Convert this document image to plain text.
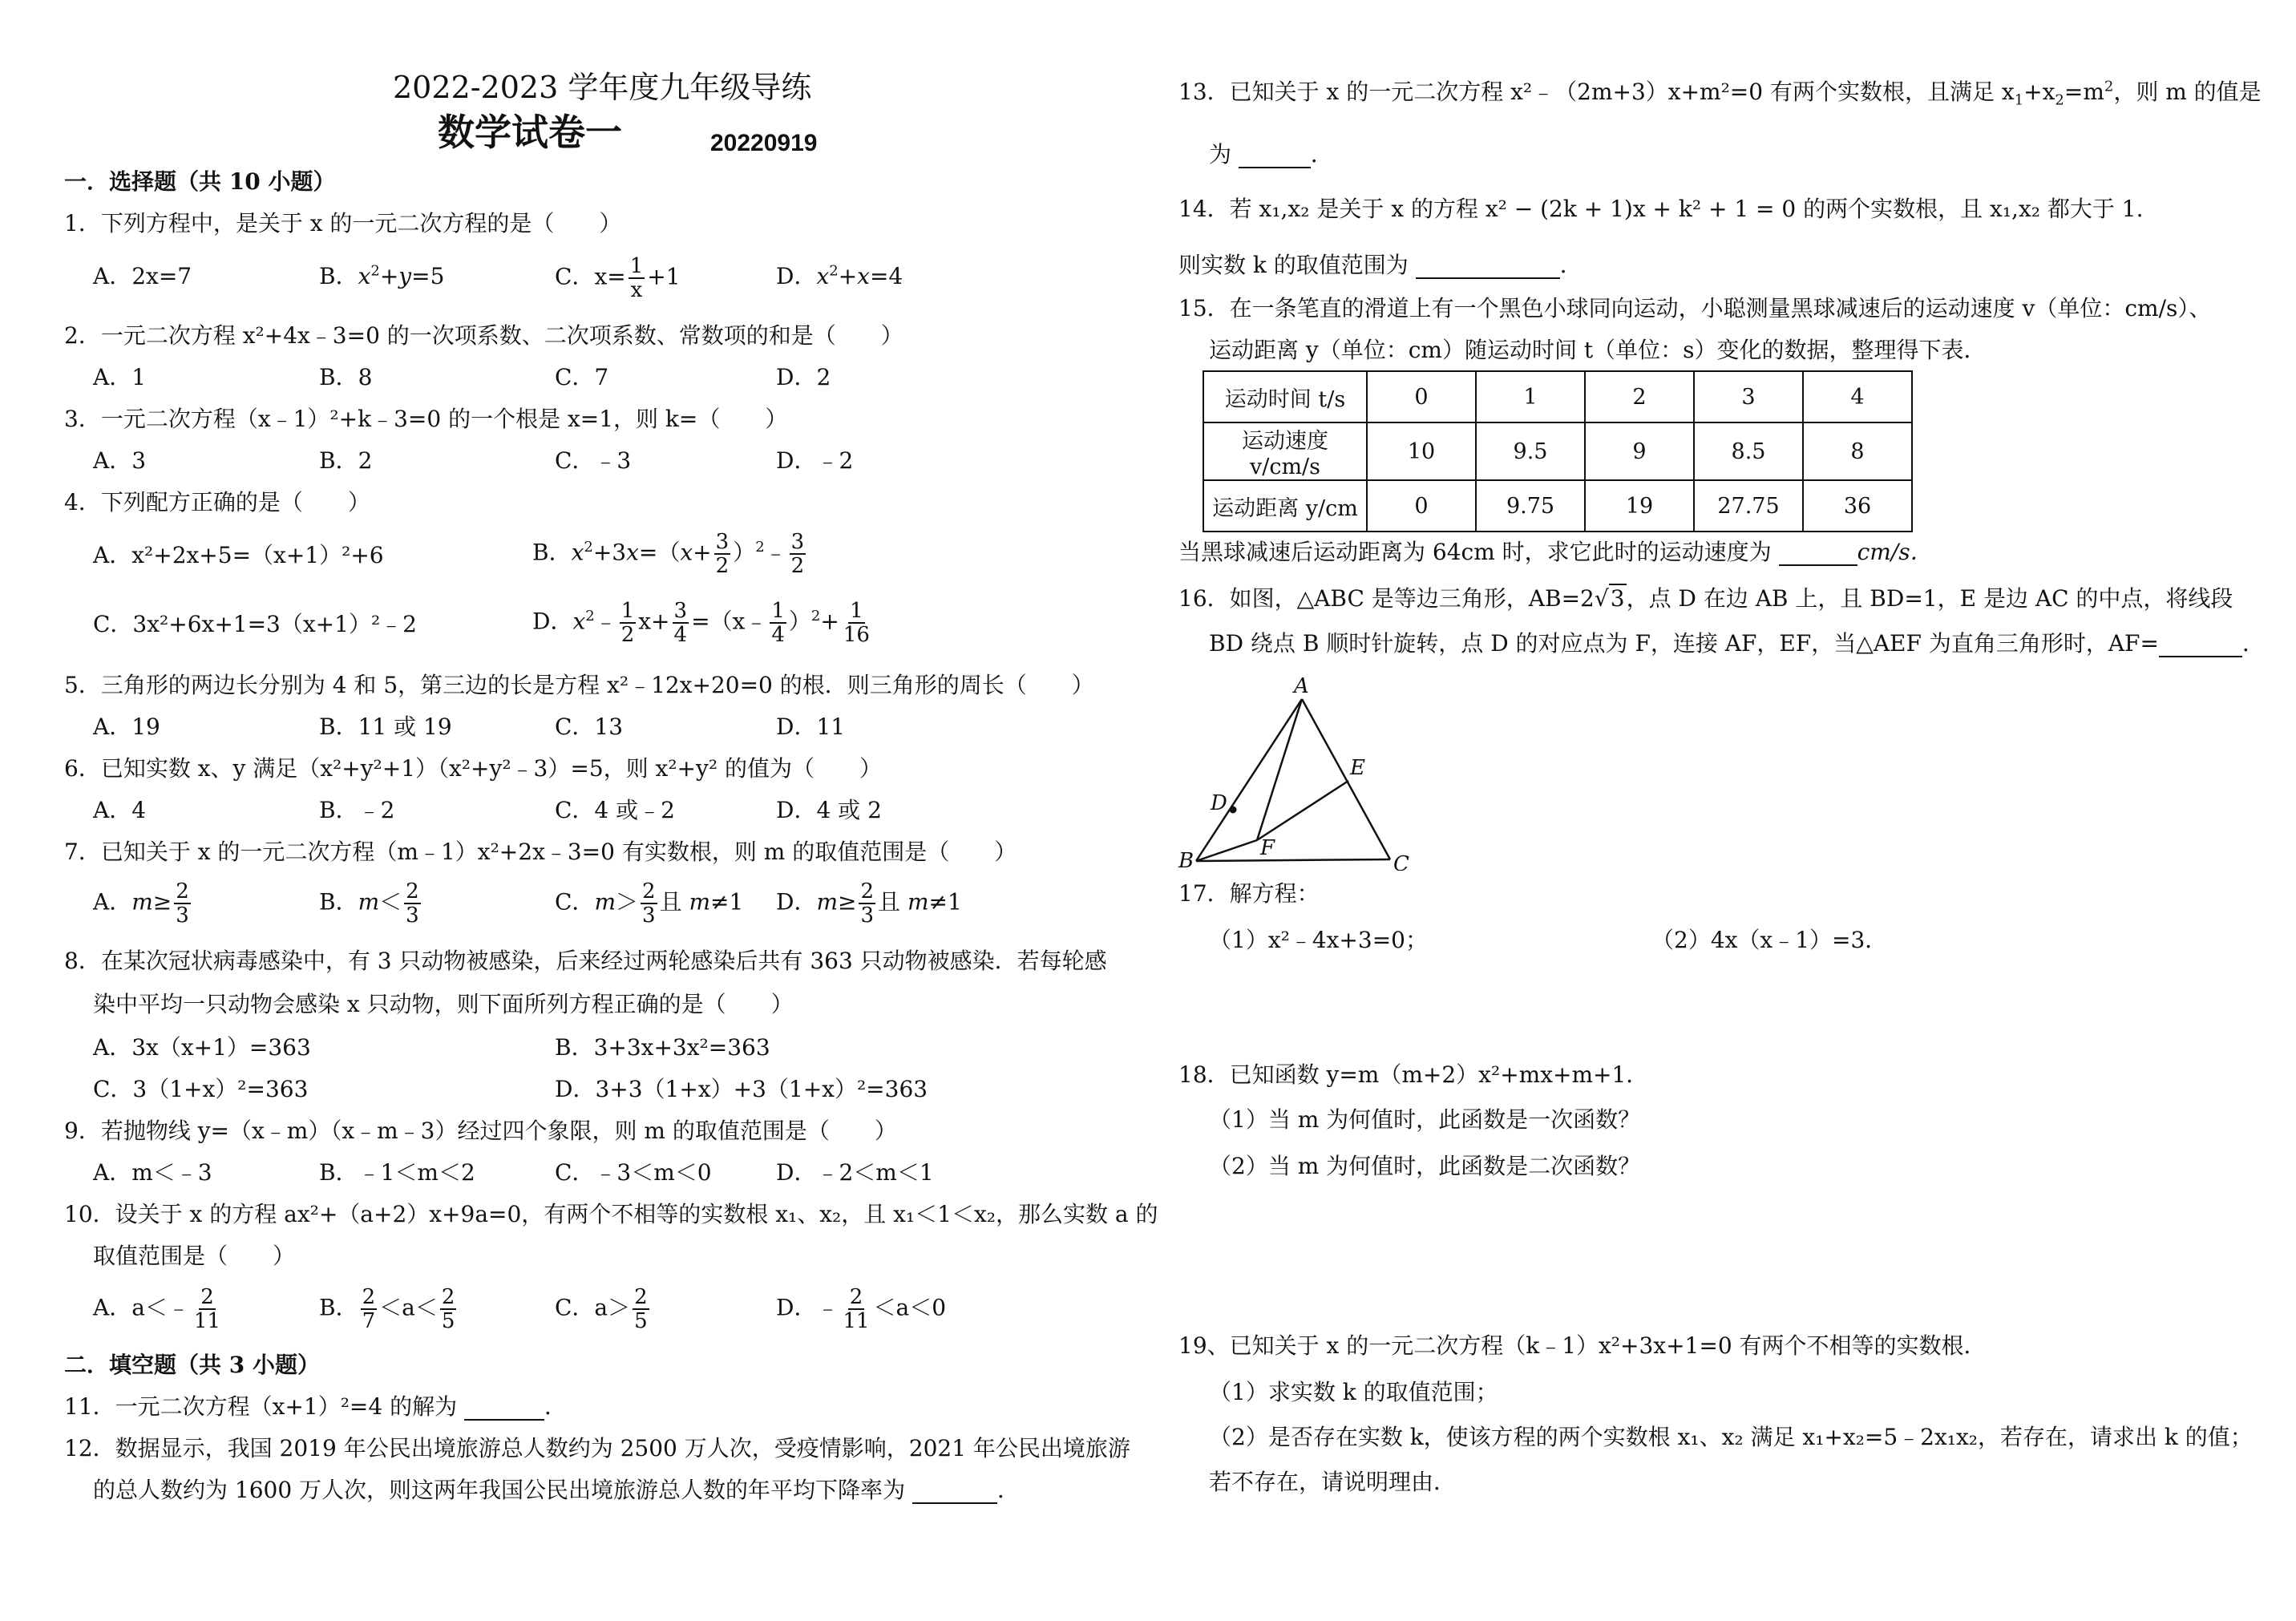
2022-2023 学年度九年级导练
数学试卷一	20220919
一．选择题（共 10 小题）
1．下列方程中，是关于 x 的一元二次方程的是（　　）
A．2x=7	B．$x^2+y=5$	C．$x= \frac{1}{x} +1$	D．$x^2+x=4$
2．一元二次方程 x²+4x﹣3=0 的一次项系数、二次项系数、常数项的和是（　　）
A．1	B．8	C．7	D．2
3．一元二次方程（x﹣1）²+k﹣3=0 的一个根是 x=1，则 k=（　　）
A．3	B．2	C．﹣3	D．﹣2
4．下列配方正确的是（　　）
A．x²+2x+5=（x+1）²+6	B．$x^2+3x=(x+ \frac{3}{2}$ ）$^2﹣ \frac{3}{2}$
C．3x²+6x+1=3（x+1）²﹣2	D．$x^2﹣ \frac{1}{2} x+ \frac{3}{4}$ =（x﹣ $\frac{1}{4} )^2+ \frac{1}{16}$
5．三角形的两边长分别为 4 和 5，第三边的长是方程 x²﹣12x+20=0 的根．则三角形的周长（　　）
A．19	B．11 或 19	C．13	D．11
6．已知实数 x、y 满足（x²+y²+1）（x²+y²﹣3）=5，则 x²+y² 的值为（　　）
A．4	B．﹣2	C．4 或﹣2	D．4 或 2
7．已知关于 x 的一元二次方程（m﹣1）x²+2x﹣3=0 有实数根，则 m 的取值范围是（　　）
A．$m\ge \frac{2}{3}$	B．$m< \frac{2}{3}$	C．$m> \frac{2}{3}$ 且 m≠1 D．$m\ge \frac{2}{3}$ 且 m≠1
8．在某次冠状病毒感染中，有 3 只动物被感染，后来经过两轮感染后共有 363 只动物被感染．若每轮感
染中平均一只动物会感染 x 只动物，则下面所列方程正确的是（　　）
A．3x（x+1）=363	B．3+3x+3x²=363
C．3（1+x）²=363	D．3+3（1+x）+3（1+x）²=363
9．若抛物线 y=（x﹣m）（x﹣m﹣3）经过四个象限，则 m 的取值范围是（　　）
A．m＜﹣3	B．﹣1＜m＜2	C．﹣3＜m＜0	D．﹣2＜m＜1
10．设关于 x 的方程 ax²+（a+2）x+9a=0，有两个不相等的实数根 x₁、x₂，且 x₁＜1＜x₂，那么实数 a 的
取值范围是（　　）
A．a＜﹣ $\frac{2}{11}$	B． $\frac{2}{7} <a< \frac{2}{5}$	C．$a> \frac{2}{5}$	D．﹣ $\frac{2}{11} <a<0$
二．填空题（共 3 小题）
11．一元二次方程（x+1）²=4 的解为	．
12．数据显示，我国 2019 年公民出境旅游总人数约为 2500 万人次，受疫情影响，2021 年公民出境旅游
的总人数约为 1600 万人次，则这两年我国公民出境旅游总人数的年平均下降率为	．
13．已知关于 x 的一元二次方程 x²﹣（2m+3）x+m²=0 有两个实数根，且满足 $x_1+x_2=m^2$，则 m 的值是
为	．
14．若 x₁,x₂ 是关于 x 的方程 x² − (2k + 1)x + k² + 1 = 0 的两个实数根，且 x₁,x₂ 都大于 1.
则实数 k 的取值范围为	．
15．在一条笔直的滑道上有一个黑色小球同向运动，小聪测量黑球减速后的运动速度 v（单位：cm/s）、
运动距离 y（单位：cm）随运动时间 t（单位：s）变化的数据，整理得下表．
运动时间 t/s	0	1	2	3	4
运动速度 v/cm/s	10	9.5	9	8.5	8
运动距离 y/cm	0	9.75	19	27.75	36
当黑球减速后运动距离为 64cm 时，求它此时的运动速度为	cm/s．
16．如图，△ABC 是等边三角形，AB=2√3，点 D 在边 AB 上，且 BD=1，E 是边 AC 的中点，将线段
BD 绕点 B 顺时针旋转，点 D 的对应点为 F，连接 AF，EF，当△AEF 为直角三角形时，AF=	．
A
B	C
D
E
F
17．解方程：
（1）x²﹣4x+3=0；	（2）4x（x﹣1）=3．
18．已知函数 y=m（m+2）x²+mx+m+1．
（1）当 m 为何值时，此函数是一次函数？
（2）当 m 为何值时，此函数是二次函数？
19、已知关于 x 的一元二次方程（k﹣1）x²+3x+1=0 有两个不相等的实数根．
（1）求实数 k 的取值范围；
（2）是否存在实数 k，使该方程的两个实数根 x₁、x₂ 满足 x₁+x₂=5﹣2x₁x₂，若存在，请求出 k 的值；
若不存在，请说明理由．
